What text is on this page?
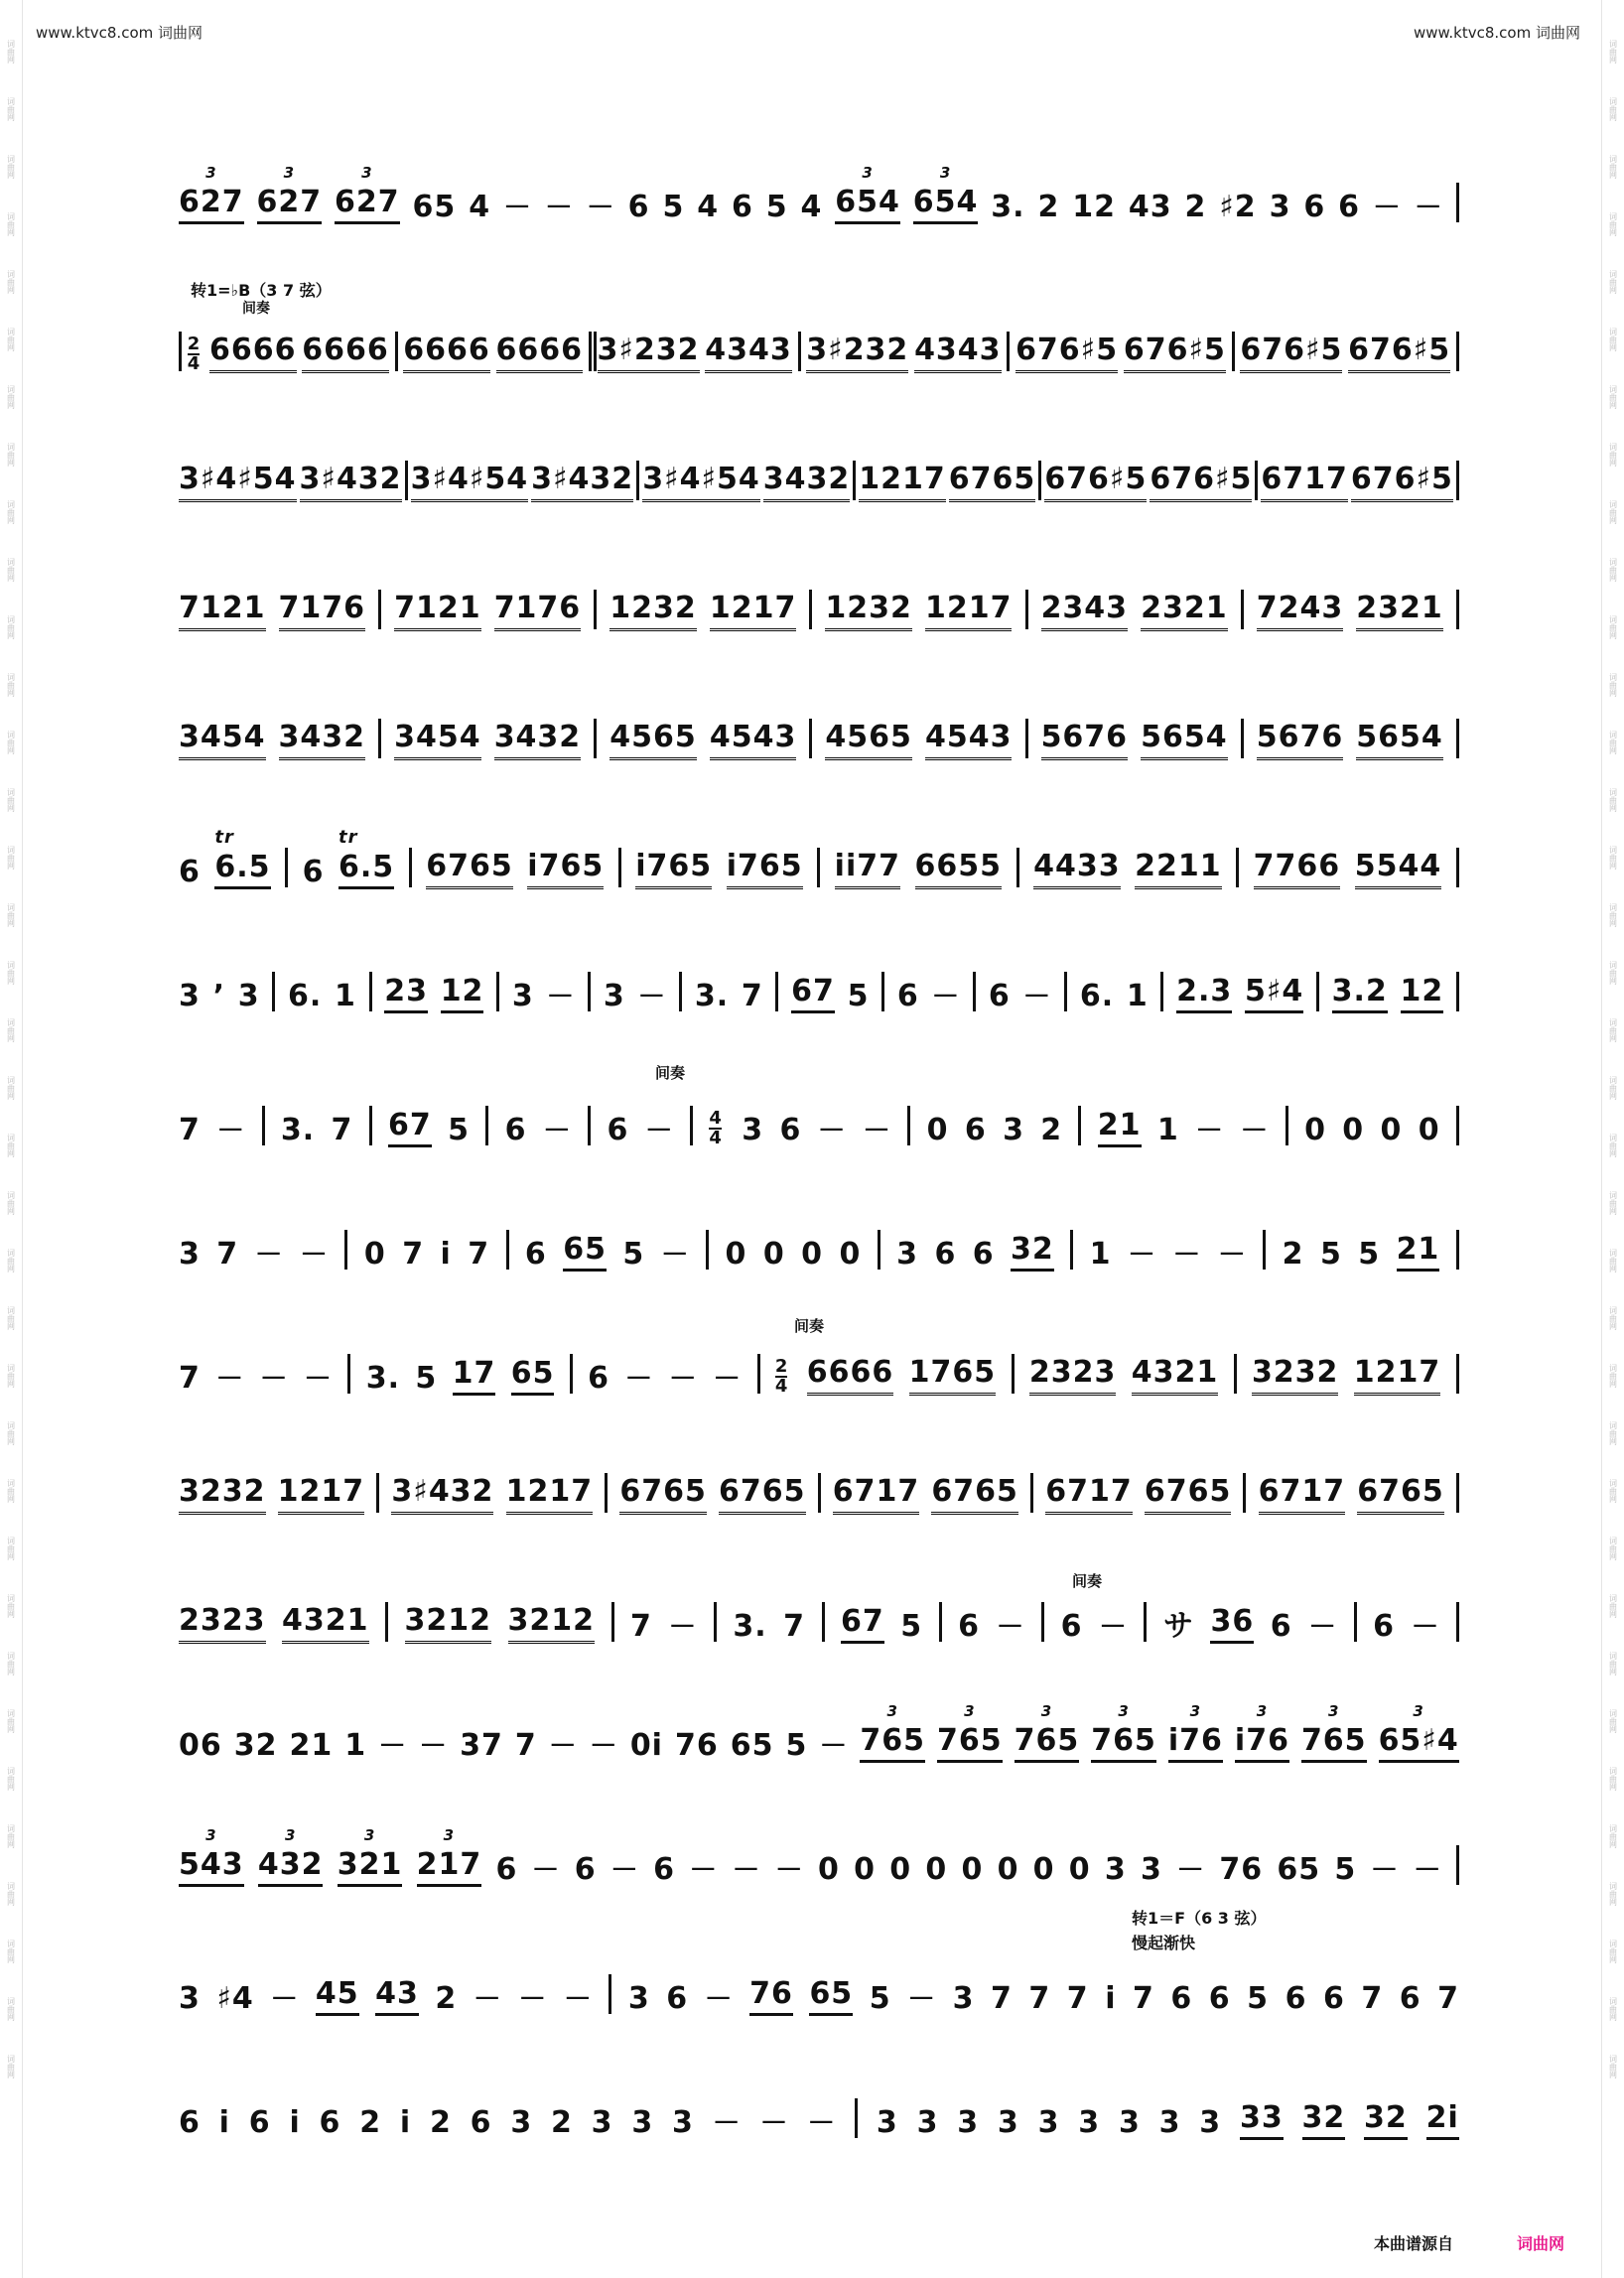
词曲网
词曲网
词曲网
词曲网
词曲网
词曲网
词曲网
词曲网
词曲网
词曲网
词曲网
词曲网
词曲网
词曲网
词曲网
词曲网
词曲网
词曲网
词曲网
词曲网
词曲网
词曲网
词曲网
词曲网
词曲网
词曲网
词曲网
词曲网
词曲网
词曲网
词曲网
词曲网
词曲网
词曲网
词曲网
词曲网
词曲网
词曲网
词曲网
词曲网
词曲网
词曲网
词曲网
词曲网
词曲网
词曲网
词曲网
词曲网
词曲网
词曲网
词曲网
词曲网
词曲网
词曲网
词曲网
词曲网
词曲网
词曲网
词曲网
词曲网
词曲网
词曲网
词曲网
词曲网
词曲网
词曲网
词曲网
词曲网
词曲网
词曲网
词曲网
词曲网
www.ktvc8.com 词曲网	www.ktvc8.com 词曲网
转1=♭B（3 7 弦）
间奏
间奏
间奏
间奏
转1＝F（6 3 弦）
慢起渐快
627
3
627
3
627
3
65 4 － － － 6 5 4 6 5 4 654
3
654
3
3. 2 12 43 2 ♯2 3 6 6 － －
2
4 6666 6666 6666 6666 3♯232 4343 3♯232 4343 676♯5 676♯5 676♯5 676♯5
3♯4♯54 3♯432 3♯4♯54 3♯432 3♯4♯54 3432 1217 6765 676♯5 676♯5 6717 676♯5
7121 7176 7121 7176 1232 1217 1232 1217 2343 2321 7243 2321
3454 3432 3454 3432 4565 4543 4565 4543 5676 5654 5676 5654
6 6.5
tr
6 6.5
tr
6765 i765 i765 i765 ii77 6655 4433 2211 7766 5544
3 ’ 3 6. 1 23 12 3 － 3 － 3. 7 67 5 6 － 6 － 6. 1 2.3 5♯4 3.2 12
7 － 3. 7 67 5 6 － 6 － 4
4 3 6 － － 0 6 3 2 21 1 － － 0 0 0 0
3 7 － － 0 7 i 7 6 65 5 － 0 0 0 0 3 6 6 32 1 － － － 2 5 5 21
7 － － － 3. 5 17 65 6 － － － 2
4 6666 1765 2323 4321 3232 1217
3232 1217 3♯432 1217 6765 6765 6717 6765 6717 6765 6717 6765
2323 4321 3212 3212 7 － 3. 7 67 5 6 － 6 － サ 36 6 － 6 －
06 32 21 1 － － 37 7 － － 0i 76 65 5 － 765
3
765
3
765
3
765
3
i76
3
i76
3
765
3
65♯4
3
543
3
432
3
321
3
217
3
6 － 6 － 6 － － － 0 0 0 0 0 0 0 0 3 3 － 76 65 5 － －
3 ♯4 － 45 43 2 － － － 3 6 － 76 65 5 － 3 7 7 7 i 7 6 6 5 6 6 7 6 7
6 i 6 i 6 2 i 2 6 3 2 3 3 3 － － － 3 3 3 3 3 3 3 3 3 33 32 32 2i
本曲谱源自	词曲网
